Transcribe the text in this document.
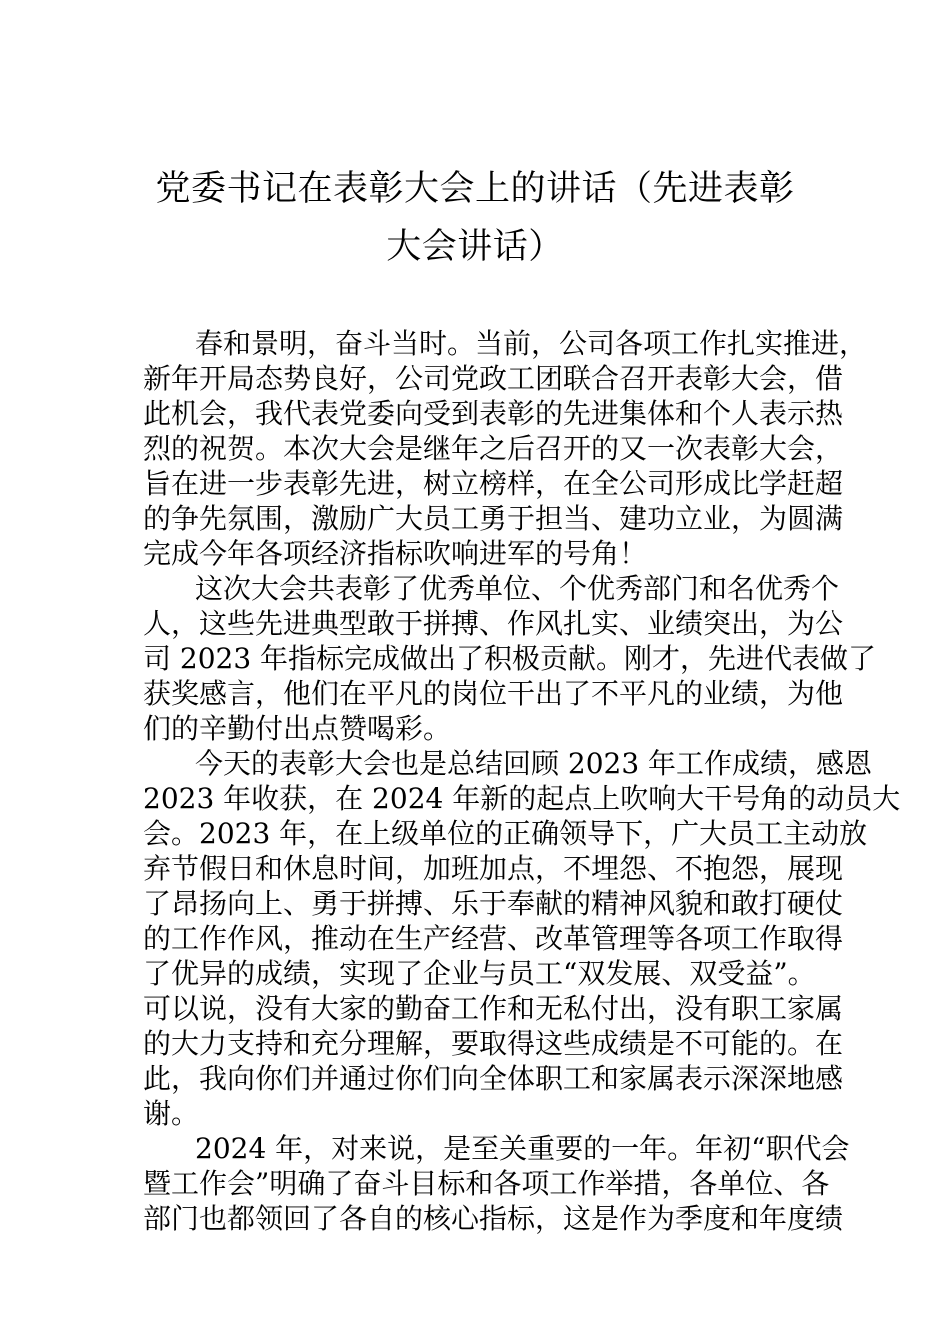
党委书记在表彰大会上的讲话（先进表彰
大会讲话）

春和景明，奋斗当时。当前，公司各项工作扎实推进，
新年开局态势良好，公司党政工团联合召开表彰大会，借
此机会，我代表党委向受到表彰的先进集体和个人表示热
烈的祝贺。本次大会是继年之后召开的又一次表彰大会，
旨在进一步表彰先进，树立榜样，在全公司形成比学赶超
的争先氛围，激励广大员工勇于担当、建功立业，为圆满
完成今年各项经济指标吹响进军的号角！

这次大会共表彰了优秀单位、个优秀部门和名优秀个
人，这些先进典型敢于拼搏、作风扎实、业绩突出，为公
司 2023 年指标完成做出了积极贡献。刚才，先进代表做了
获奖感言，他们在平凡的岗位干出了不平凡的业绩，为他
们的辛勤付出点赞喝彩。

今天的表彰大会也是总结回顾 2023 年工作成绩，感恩
2023 年收获，在 2024 年新的起点上吹响大干号角的动员大
会。2023 年，在上级单位的正确领导下，广大员工主动放
弃节假日和休息时间，加班加点，不埋怨、不抱怨，展现
了昂扬向上、勇于拼搏、乐于奉献的精神风貌和敢打硬仗
的工作作风，推动在生产经营、改革管理等各项工作取得
了优异的成绩，实现了企业与员工“双发展、双受益”。
可以说，没有大家的勤奋工作和无私付出，没有职工家属
的大力支持和充分理解，要取得这些成绩是不可能的。在
此，我向你们并通过你们向全体职工和家属表示深深地感
谢。

2024 年，对来说，是至关重要的一年。年初“职代会
暨工作会”明确了奋斗目标和各项工作举措，各单位、各
部门也都领回了各自的核心指标，这是作为季度和年度绩
